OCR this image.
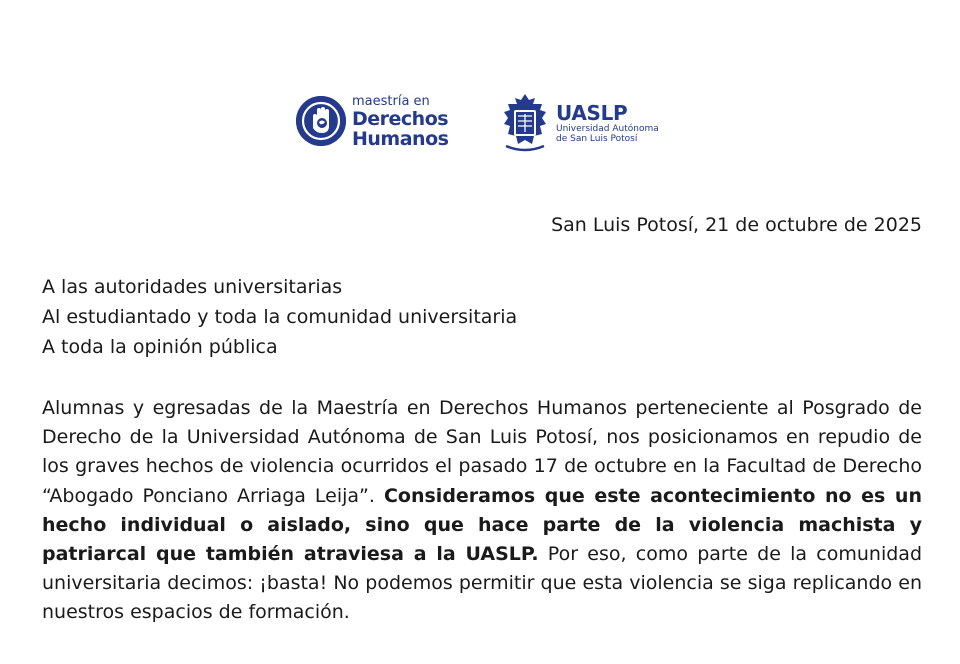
maestría en
Derechos
Humanos
UASLP
Universidad Autónoma
de San Luis Potosí
San Luis Potosí, 21 de octubre de 2025
A las autoridades universitarias
Al estudiantado y toda la comunidad universitaria
A toda la opinión pública
Alumnas y egresadas de la Maestría en Derechos Humanos perteneciente al Posgrado de Derecho de la Universidad Autónoma de San Luis Potosí, nos posicionamos en repudio de los graves hechos de violencia ocurridos el pasado 17 de octubre en la Facultad de Derecho “Abogado Ponciano Arriaga Leija”. Consideramos que este acontecimiento no es un hecho individual o aislado, sino que hace parte de la violencia machista y patriarcal que también atraviesa a la UASLP. Por eso, como parte de la comunidad universitaria decimos: ¡basta! No podemos permitir que esta violencia se siga replicando en nuestros espacios de formación.
